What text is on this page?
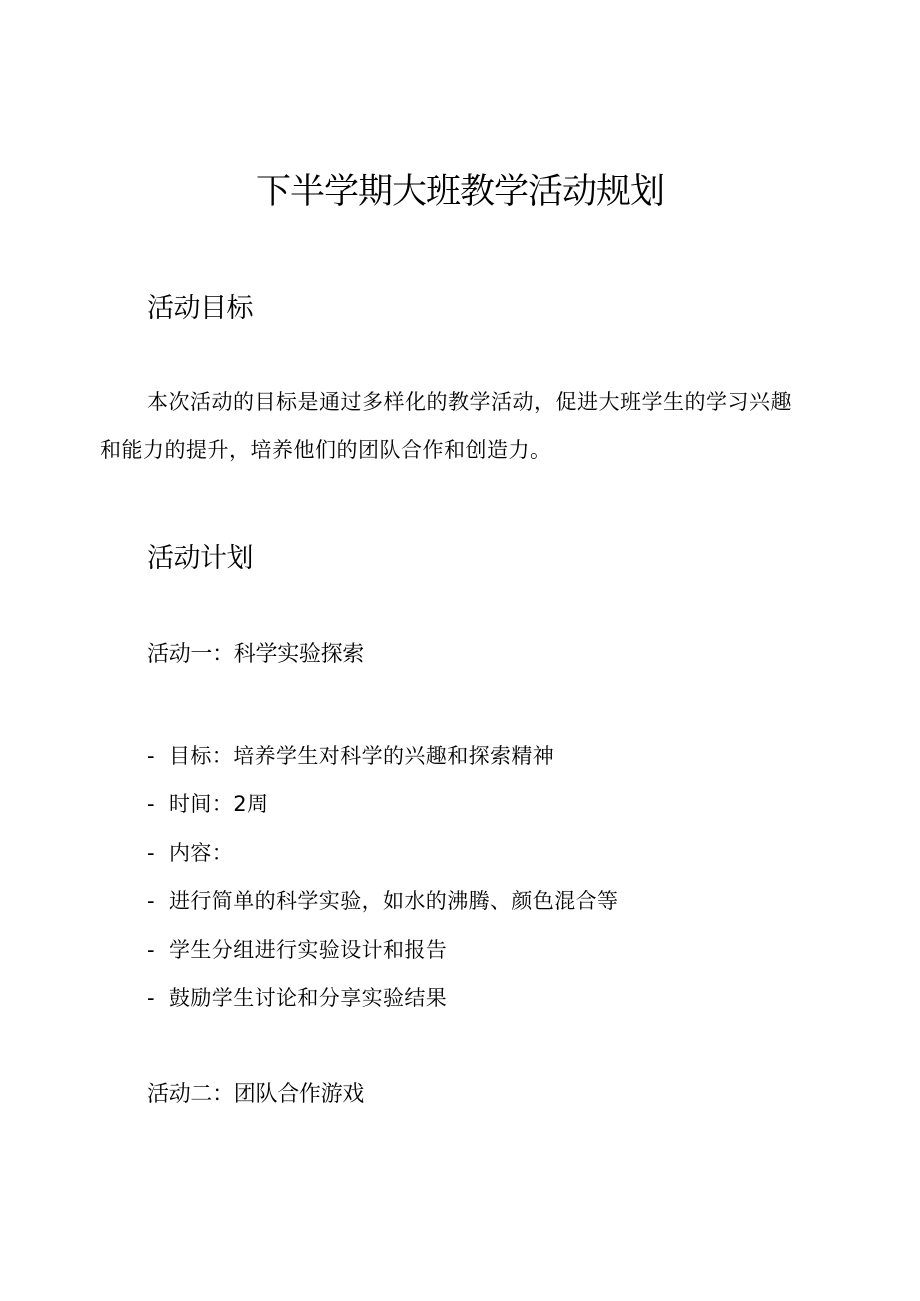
下半学期大班教学活动规划
活动目标

本次活动的目标是通过多样化的教学活动，促进大班学生的学习兴趣和能力的提升，培养他们的团队合作和创造力。

活动计划
活动一：科学实验探索
- 目标：培养学生对科学的兴趣和探索精神
- 时间：2周
- 内容：
- 进行简单的科学实验，如水的沸腾、颜色混合等
- 学生分组进行实验设计和报告
- 鼓励学生讨论和分享实验结果
活动二：团队合作游戏
